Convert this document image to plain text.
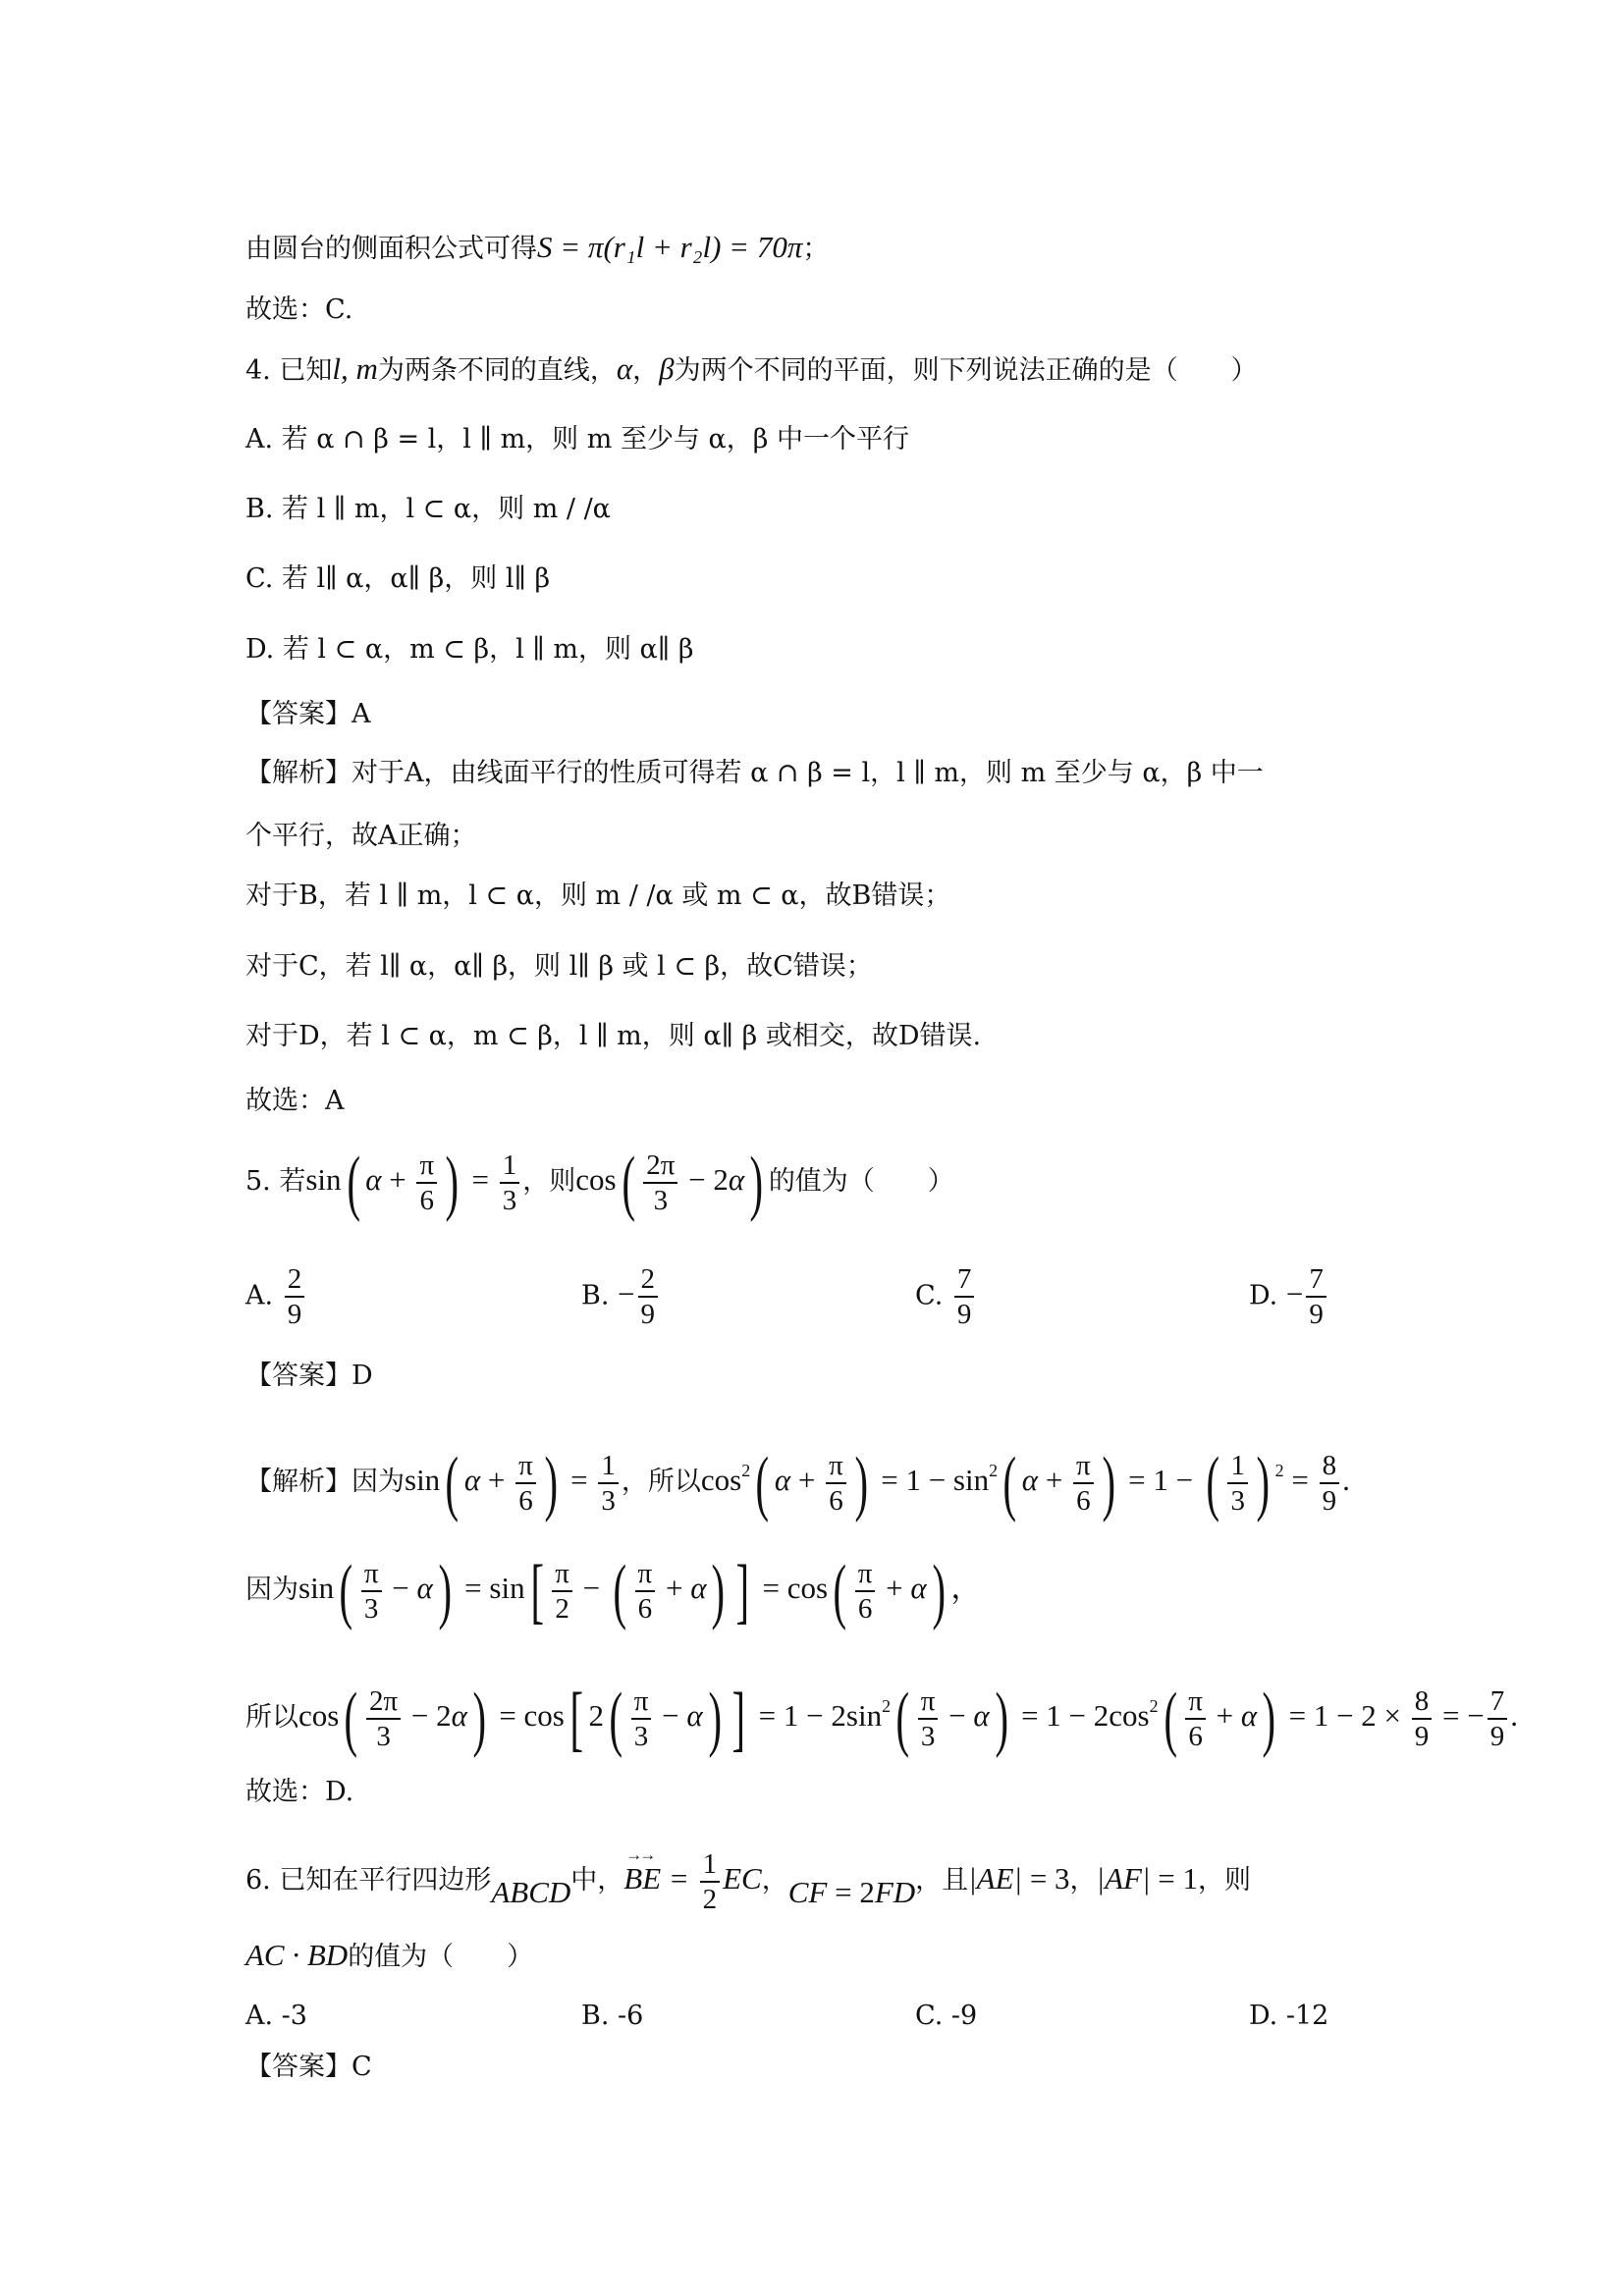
由圆台的侧面积公式可得S = π(r₁l + r₂l) = 70π；
故选：C.
4. 已知l, m为两条不同的直线，α，β为两个不同的平面，则下列说法正确的是（　　）
A. 若 α ∩ β = l，l ∥ m，则 m 至少与 α，β 中一个平行
B. 若 l ∥ m，l ⊂ α，则 m / /α
C. 若 l∥ α，α∥ β，则 l∥ β
D. 若 l ⊂ α，m ⊂ β，l ∥ m，则 α∥ β
【答案】A
【解析】对于A，由线面平行的性质可得若 α ∩ β = l，l ∥ m，则 m 至少与 α，β 中一
个平行，故A正确；
对于B，若 l ∥ m，l ⊂ α，则 m / /α 或 m ⊂ α，故B错误；
对于C，若 l∥ α，α∥ β，则 l∥ β 或 l ⊂ β，故C错误；
对于D，若 l ⊂ α，m ⊂ β，l ∥ m，则 α∥ β 或相交，故D错误.
故选：A
5. 若sin( $\alpha + \frac{\pi}{6}$ ) = $\frac{1}{3}$ ，则$\cos( \frac{2\pi}{3} - 2\alpha)$ 的值为（　　）
A. $\frac{2}{9}$	B. − $\frac{2}{9}$	C. $\frac{7}{9}$	D. − $\frac{7}{9}$
【答案】D
【解析】因为sin( $\alpha + \frac{\pi}{6}$ ) = $\frac{1}{3}$ ，所以$\cos^2$( $\alpha + \frac{\pi}{6}$ ) = $1 - \sin^2$( $\alpha + \frac{\pi}{6}$ ) = 1 − ( $\frac{1}{3}$ ) $^2 = \frac{8}{9}$ .
因为$\sin( \frac{\pi}{3} - \alpha) = \sin[ \frac{\pi}{2}$ − ( $\frac{\pi}{6} + \alpha$) ] = $\cos( \frac{\pi}{6} + \alpha)$ ，
所以$\cos( \frac{2\pi}{3} - 2\alpha) = \cos$[ $2( \frac{\pi}{3} - \alpha)$ ] = $1 - 2\sin^2( \frac{\pi}{3} - \alpha) = 1 - 2\cos^2( \frac{\pi}{6} + \alpha) = 1 - 2 \times \frac{8}{9}$ = − $\frac{7}{9}$ .
故选：D.
6. 已知在平行四边形ABCD中，→→ BE = $\frac{1}{2}$ EC，CF = 2FD，且|AE| = 3，|AF| = 1，则
AC · BD的值为（　　）
A. -3	B. -6	C. -9	D. -12
【答案】C
